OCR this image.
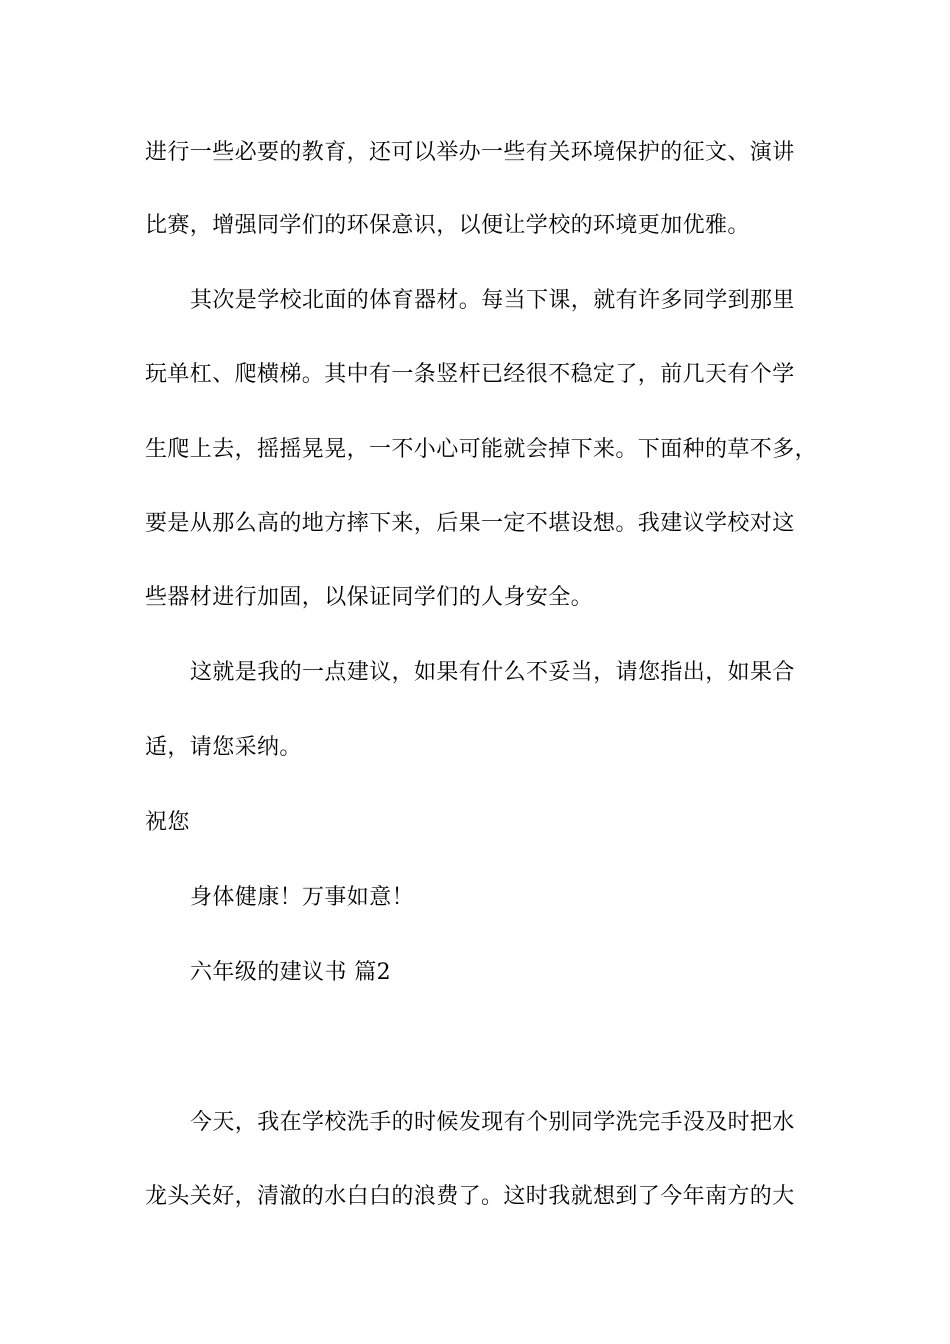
进行一些必要的教育，还可以举办一些有关环境保护的征文、演讲
比赛，增强同学们的环保意识，以便让学校的环境更加优雅。
其次是学校北面的体育器材。每当下课，就有许多同学到那里
玩单杠、爬横梯。其中有一条竖杆已经很不稳定了，前几天有个学
生爬上去，摇摇晃晃，一不小心可能就会掉下来。下面种的草不多，
要是从那么高的地方摔下来，后果一定不堪设想。我建议学校对这
些器材进行加固，以保证同学们的人身安全。
这就是我的一点建议，如果有什么不妥当，请您指出，如果合
适，请您采纳。
祝您
身体健康！万事如意！
六年级的建议书 篇2
今天，我在学校洗手的时候发现有个别同学洗完手没及时把水
龙头关好，清澈的水白白的浪费了。这时我就想到了今年南方的大
